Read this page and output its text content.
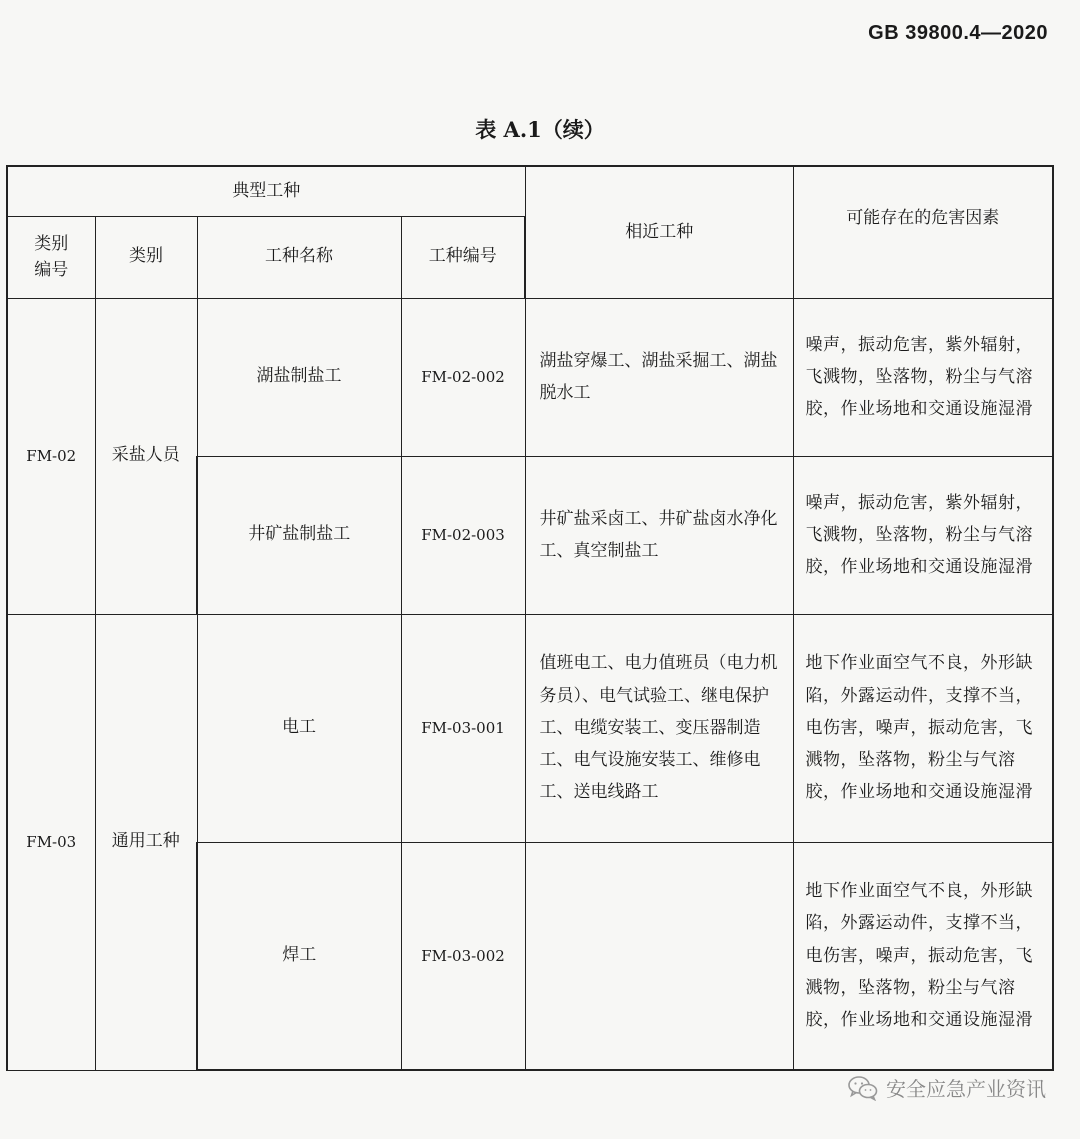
GB 39800.4—2020
表 A.1（续）
典型工种				相近工种	可能存在的危害因素
类别
编号	类别	工种名称	工种编号		
FM-02	采盐人员	湖盐制盐工	FM-02-002	湖盐穿爆工、湖盐采掘工、湖盐脱水工	噪声，振动危害，紫外辐射，飞溅物，坠落物，粉尘与气溶胶，作业场地和交通设施湿滑
		井矿盐制盐工	FM-02-003	井矿盐采卤工、井矿盐卤水净化工、真空制盐工	噪声，振动危害，紫外辐射，飞溅物，坠落物，粉尘与气溶胶，作业场地和交通设施湿滑
FM-03	通用工种	电工	FM-03-001	值班电工、电力值班员（电力机务员）、电气试验工、继电保护工、电缆安装工、变压器制造工、电气设施安装工、维修电工、送电线路工	地下作业面空气不良，外形缺陷，外露运动件，支撑不当，电伤害，噪声，振动危害，飞溅物，坠落物，粉尘与气溶胶，作业场地和交通设施湿滑
		焊工	FM-03-002		地下作业面空气不良，外形缺陷，外露运动件，支撑不当，电伤害，噪声，振动危害，飞溅物，坠落物，粉尘与气溶胶，作业场地和交通设施湿滑
安全应急产业资讯
